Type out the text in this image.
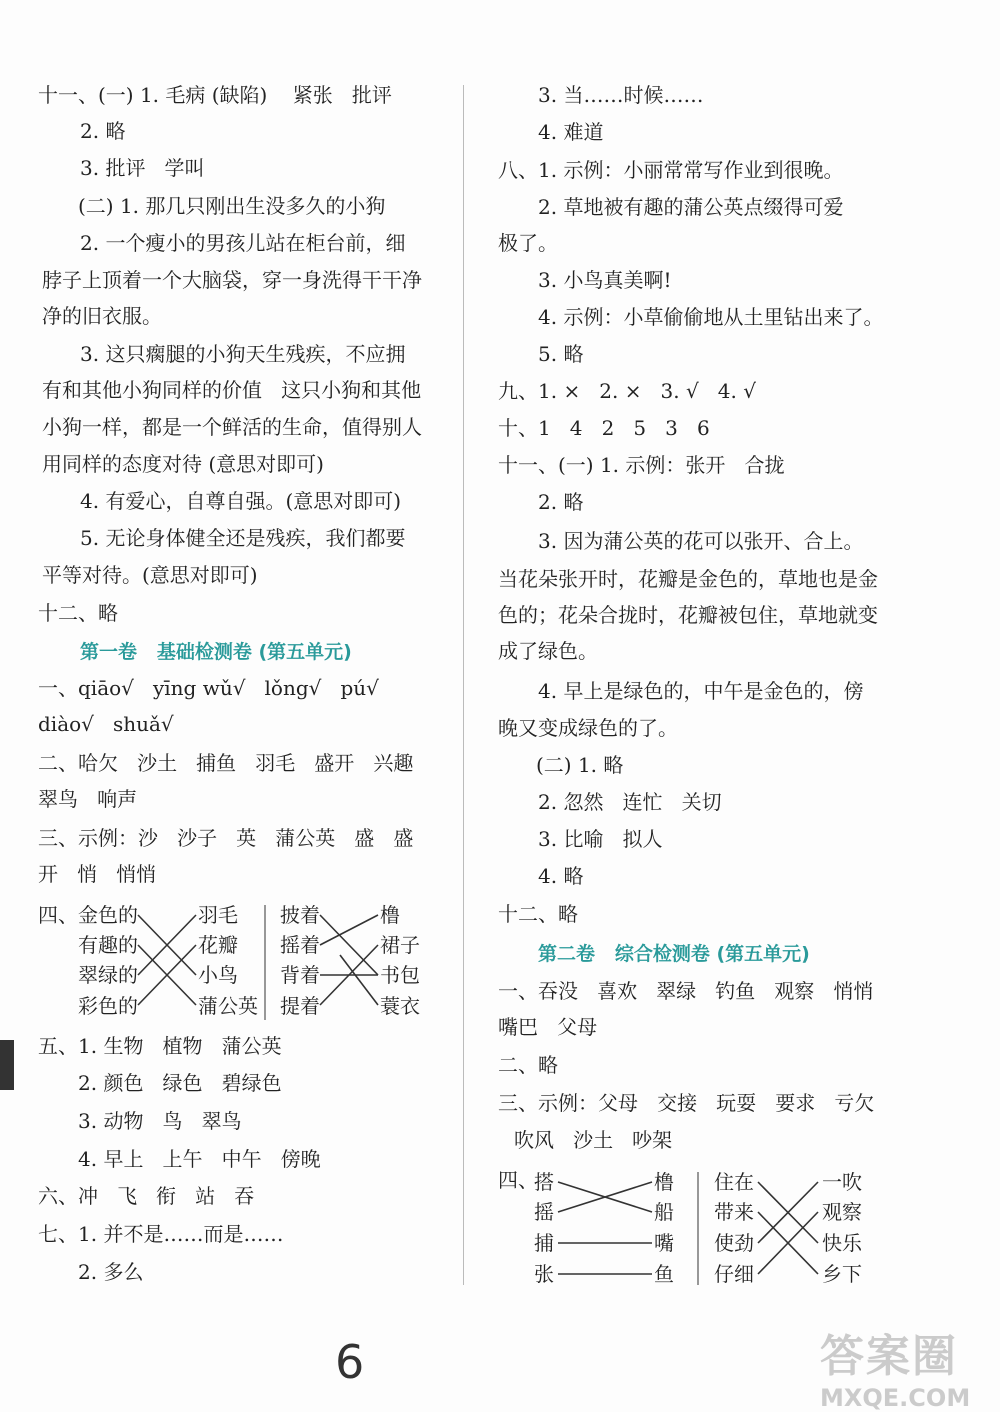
十一、(一) 1. 毛病 (缺陷)    紧张   批评
2. 略
3. 批评   学叫
(二) 1. 那几只刚出生没多久的小狗
2. 一个瘦小的男孩儿站在柜台前，细
脖子上顶着一个大脑袋，穿一身洗得干干净
净的旧衣服。
3. 这只瘸腿的小狗天生残疾，不应拥
有和其他小狗同样的价值   这只小狗和其他
小狗一样，都是一个鲜活的生命，值得别人
用同样的态度对待 (意思对即可)
4. 有爱心，自尊自强。(意思对即可)
5. 无论身体健全还是残疾，我们都要
平等对待。(意思对即可)
十二、略
第一卷   基础检测卷 (第五单元)
一、qiāo√   yīng wǔ√   lǒng√   pú√
diào√   shuǎ√
二、哈欠   沙土   捕鱼   羽毛   盛开   兴趣
翠鸟   响声
三、示例：沙   沙子   英   蒲公英   盛   盛
开   悄   悄悄
四、 金色的
有趣的
翠绿的
彩色的
羽毛
花瓣
小鸟
蒲公英
披着
摇着
背着
提着
橹
裙子
书包
蓑衣
五、1. 生物   植物   蒲公英
2. 颜色   绿色   碧绿色
3. 动物   鸟   翠鸟
4. 早上   上午   中午   傍晚
六、冲   飞   衔   站   吞
七、1. 并不是……而是……
2. 多么
3. 当……时候……
4. 难道
八、1. 示例：小丽常常写作业到很晚。
2. 草地被有趣的蒲公英点缀得可爱
极了。
3. 小鸟真美啊!
4. 示例：小草偷偷地从土里钻出来了。
5. 略
九、1. ×   2. ×   3. √   4. √
十、1   4   2   5   3   6
十一、(一) 1. 示例：张开   合拢
2. 略
3. 因为蒲公英的花可以张开、合上。
当花朵张开时，花瓣是金色的，草地也是金
色的；花朵合拢时，花瓣被包住，草地就变
成了绿色。
4. 早上是绿色的，中午是金色的，傍
晚又变成绿色的了。
(二) 1. 略
2. 忽然   连忙   关切
3. 比喻   拟人
4. 略
十二、略
第二卷   综合检测卷 (第五单元)
一、吞没   喜欢   翠绿   钓鱼   观察   悄悄
嘴巴   父母
二、略
三、示例：父母   交接   玩耍   要求   亏欠
吹风   沙土   吵架
四、
搭
摇
捕
张
橹
船
嘴
鱼
住在
带来
使劲
仔细
一吹
观察
快乐
乡下
6	答案圈
MXQE.COM
